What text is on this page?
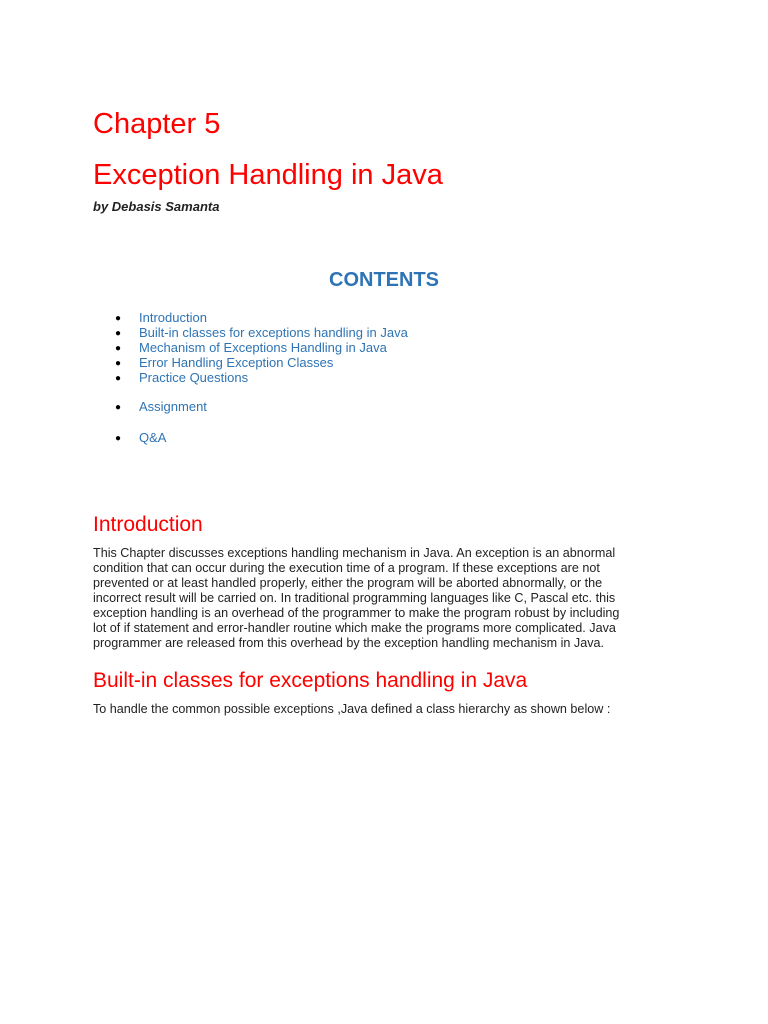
Chapter 5
Exception Handling in Java
by Debasis Samanta
CONTENTS
● Introduction
● Built-in classes for exceptions handling in Java
● Mechanism of Exceptions Handling in Java
● Error Handling Exception Classes
● Practice Questions
● Assignment
● Q&A
Introduction
This Chapter discusses exceptions handling mechanism in Java. An exception is an abnormal
condition that can occur during the execution time of a program. If these exceptions are not
prevented or at least handled properly, either the program will be aborted abnormally, or the
incorrect result will be carried on. In traditional programming languages like C, Pascal etc. this
exception handling is an overhead of the programmer to make the program robust by including
lot of if statement and error-handler routine which make the programs more complicated. Java
programmer are released from this overhead by the exception handling mechanism in Java.
Built-in classes for exceptions handling in Java
To handle the common possible exceptions ,Java defined a class hierarchy as shown below :
